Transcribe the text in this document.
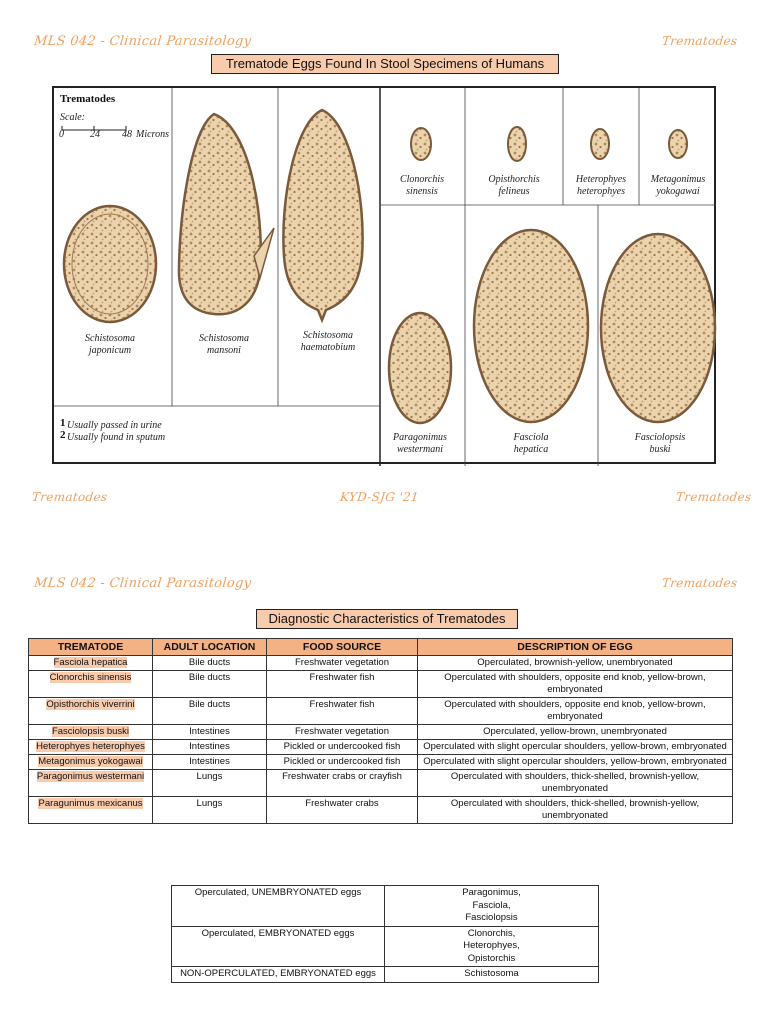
MLS 042 - Clinical Parasitology	Trematodes
Trematode Eggs Found In Stool Specimens of Humans
Trematodes
Scale:
0	24 48 Microns
Schistosoma
japonicum
Schistosoma
mansoni
Schistosoma
haematobium
Clonorchis
sinensis
Opisthorchis
felineus
Heterophyes
heterophyes
Metagonimus
yokogawai
Paragonimus
westermani
Fasciola
hepatica
Fasciolopsis
buski
1 Usually passed in urine
2 Usually found in sputum
Trematodes	KYD-SJG '21	Trematodes
MLS 042 - Clinical Parasitology	Trematodes
Diagnostic Characteristics of Trematodes
TREMATODE	ADULT LOCATION	FOOD SOURCE	DESCRIPTION OF EGG
Fasciola hepatica	Bile ducts	Freshwater vegetation	Operculated, brownish-yellow, unembryonated
Clonorchis sinensis	Bile ducts	Freshwater fish	Operculated with shoulders, opposite end knob, yellow-brown, embryonated
Opisthorchis viverrini	Bile ducts	Freshwater fish	Operculated with shoulders, opposite end knob, yellow-brown, embryonated
Fasciolopsis buski	Intestines	Freshwater vegetation	Operculated, yellow-brown, unembryonated
Heterophyes heterophyes	Intestines	Pickled or undercooked fish	Operculated with slight opercular shoulders, yellow-brown, embryonated
Metagonimus yokogawai	Intestines	Pickled or undercooked fish	Operculated with slight opercular shoulders, yellow-brown, embryonated
Paragonimus westermani	Lungs	Freshwater crabs or crayfish	Operculated with shoulders, thick-shelled, brownish-yellow, unembryonated
Paragunimus mexicanus	Lungs	Freshwater crabs	Operculated with shoulders, thick-shelled, brownish-yellow, unembryonated
Operculated, UNEMBRYONATED eggs	Paragonimus,
Fasciola,
Fasciolopsis

Operculated, EMBRYONATED eggs	Clonorchis,
Heterophyes,
Opistorchis

NON-OPERCULATED, EMBRYONATED eggs	Schistosoma
